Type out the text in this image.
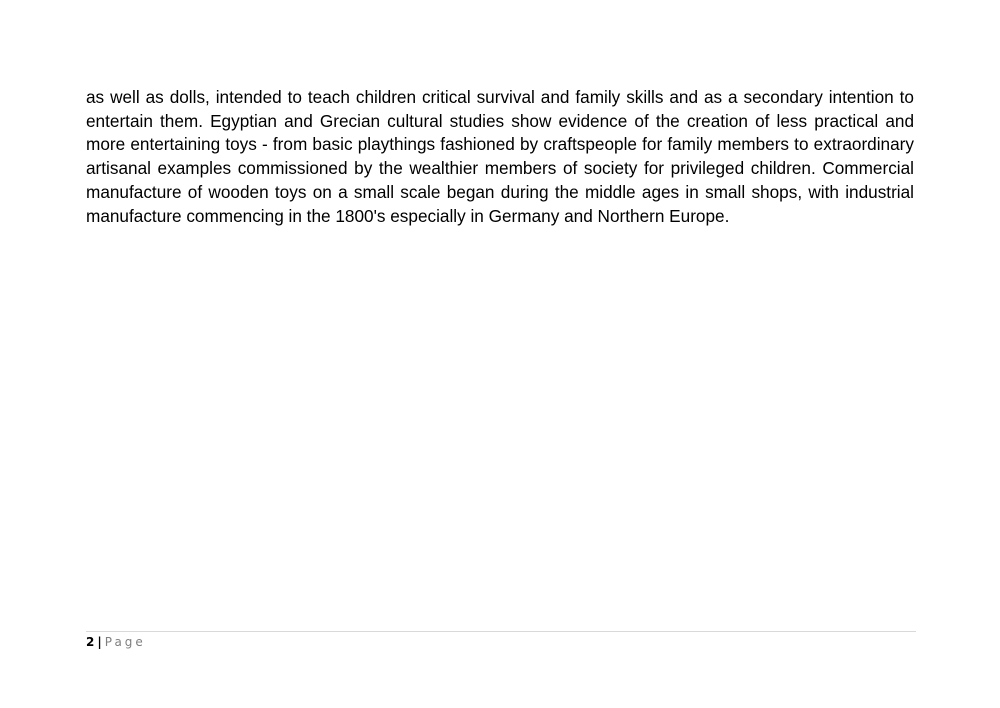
as well as dolls, intended to teach children critical survival and family skills and as a secondary intention to entertain them. Egyptian and Grecian cultural studies show evidence of the creation of less practical and more entertaining toys - from basic playthings fashioned by craftspeople for family members to extraordinary artisanal examples commissioned by the wealthier members of society for privileged children. Commercial manufacture of wooden toys on a small scale began during the middle ages in small shops, with industrial manufacture commencing in the 1800's especially in Germany and Northern Europe.

2 | Page
